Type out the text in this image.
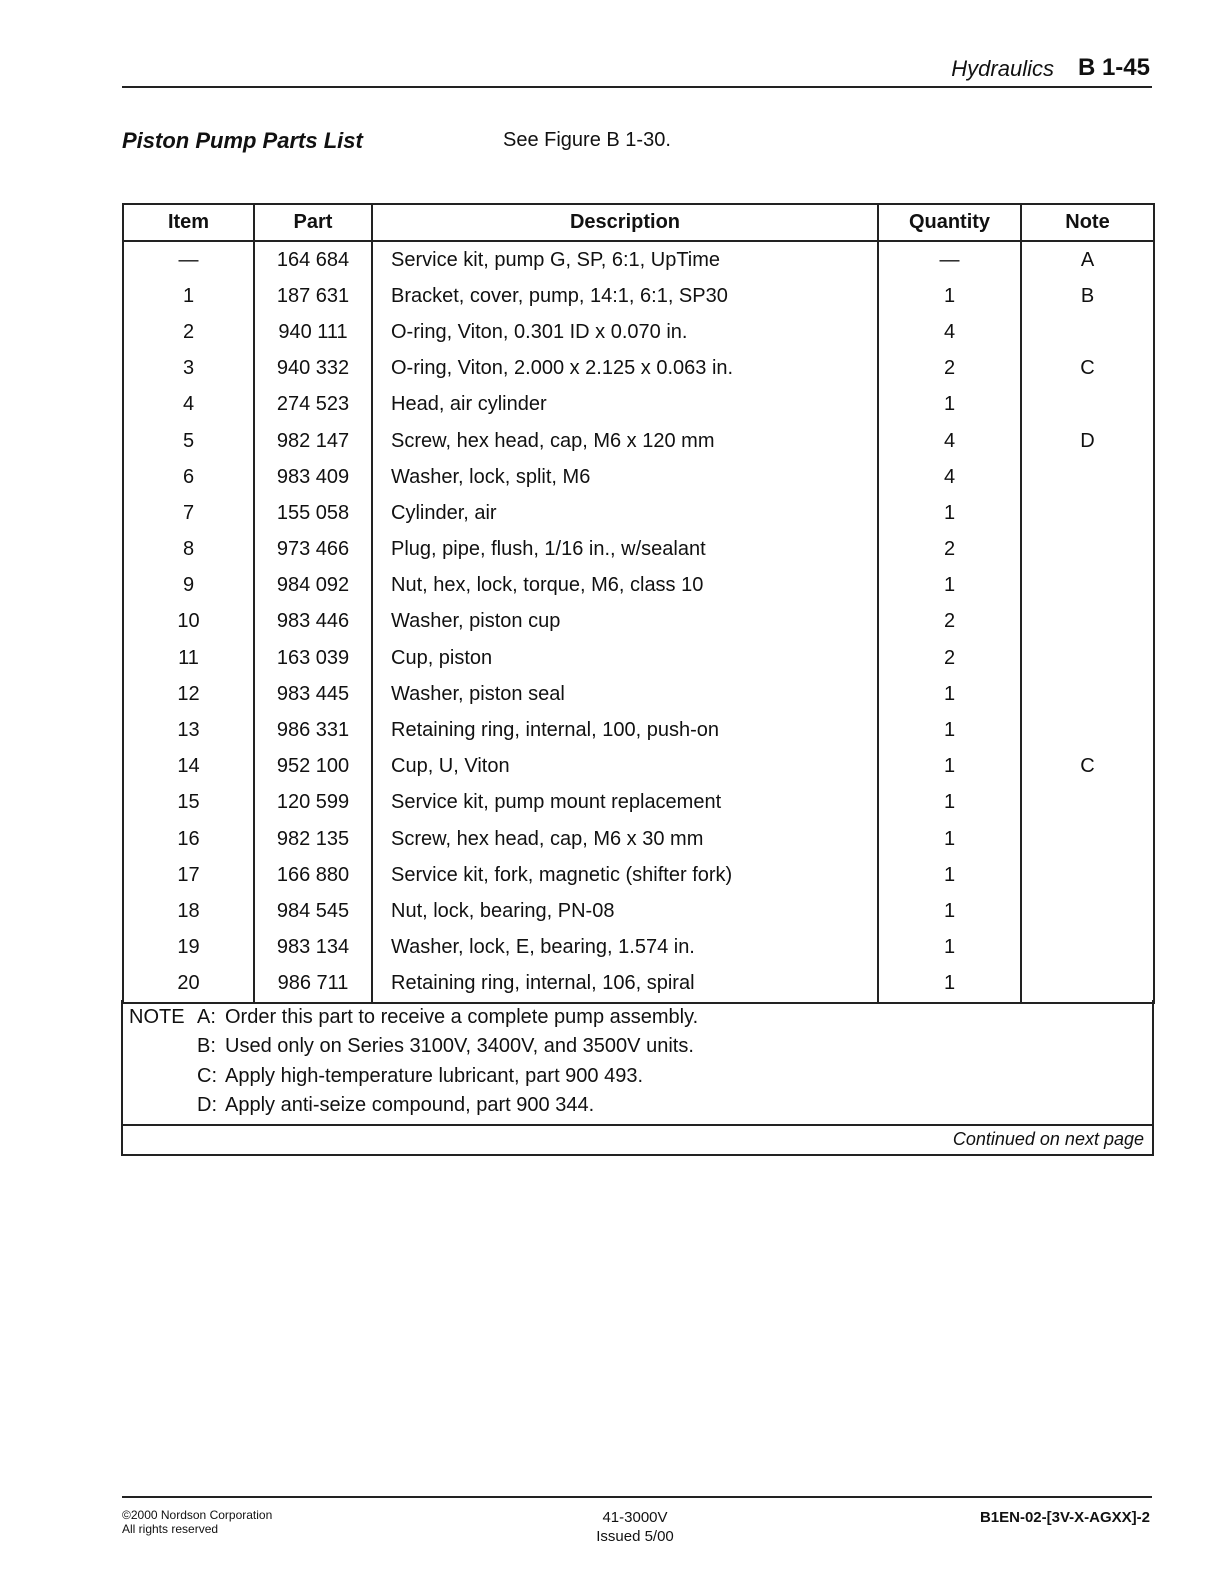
Hydraulics B 1-45
Piston Pump Parts List	See Figure B 1-30.
Item	Part	Description	Quantity	Note
—	164 684	Service kit, pump G, SP, 6:1, UpTime	—	A
1	187 631	Bracket, cover, pump, 14:1, 6:1, SP30	1	B
2	940 111	O-ring, Viton, 0.301 ID x 0.070 in.	4	
3	940 332	O-ring, Viton, 2.000 x 2.125 x 0.063 in.	2	C
4	274 523	Head, air cylinder	1	
5	982 147	Screw, hex head, cap, M6 x 120 mm	4	D
6	983 409	Washer, lock, split, M6	4	
7	155 058	Cylinder, air	1	
8	973 466	Plug, pipe, flush, 1/16 in., w/sealant	2	
9	984 092	Nut, hex, lock, torque, M6, class 10	1	
10	983 446	Washer, piston cup	2	
11	163 039	Cup, piston	2	
12	983 445	Washer, piston seal	1	
13	986 331	Retaining ring, internal, 100, push-on	1	
14	952 100	Cup, U, Viton	1	C
15	120 599	Service kit, pump mount replacement	1	
16	982 135	Screw, hex head, cap, M6 x 30 mm	1	
17	166 880	Service kit, fork, magnetic (shifter fork)	1	
18	984 545	Nut, lock, bearing, PN-08	1	
19	983 134	Washer, lock, E, bearing, 1.574 in.	1	
20	986 711	Retaining ring, internal, 106, spiral	1	
NOTE A: Order this part to receive a complete pump assembly.
B: Used only on Series 3100V, 3400V, and 3500V units.
C: Apply high-temperature lubricant, part 900 493.
D: Apply anti-seize compound, part 900 344.
Continued on next page
©2000 Nordson Corporation
All rights reserved
41-3000V
Issued 5/00
B1EN-02-[3V-X-AGXX]-2
